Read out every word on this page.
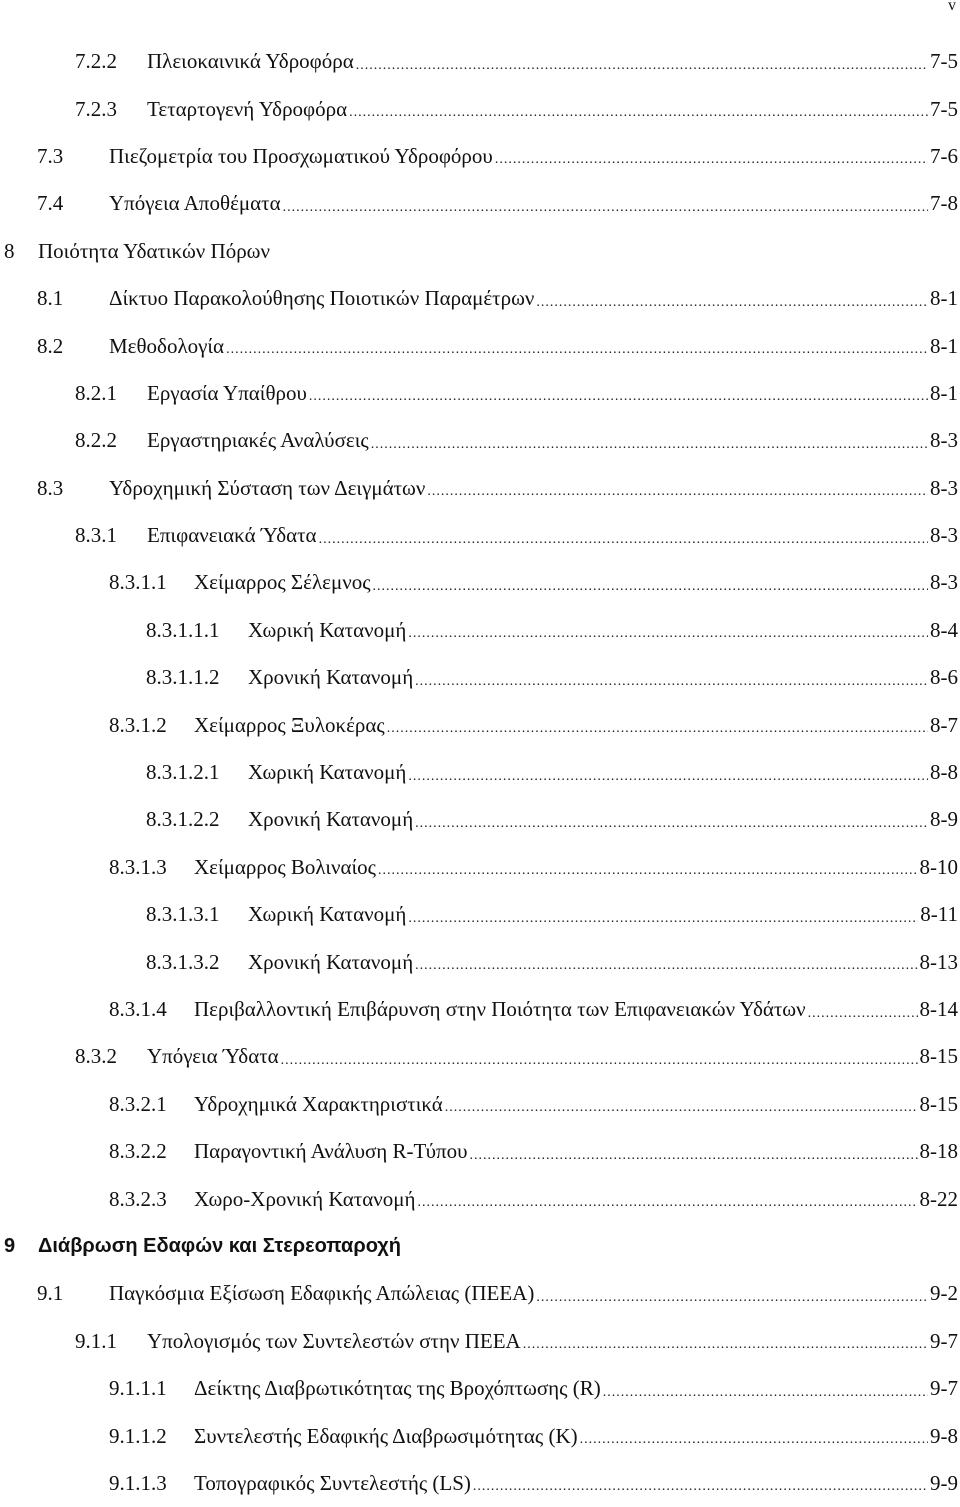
v
7.2.2	Πλειοκαινικά Υδροφόρα .....	7-5
7.2.3	Τεταρτογενή Υδροφόρα .....	7-5
7.3	Πιεζομετρία του Προσχωματικού Υδροφόρου .....	7-6
7.4	Υπόγεια Αποθέματα .....	7-8
8	Ποιότητα Υδατικών Πόρων
8.1	Δίκτυο Παρακολούθησης Ποιοτικών Παραμέτρων .....	8-1
8.2	Μεθοδολογία .....	8-1
8.2.1	Εργασία Υπαίθρου .....	8-1
8.2.2	Εργαστηριακές Αναλύσεις .....	8-3
8.3	Υδροχημική Σύσταση των Δειγμάτων .....	8-3
8.3.1	Επιφανειακά Ύδατα .....	8-3
8.3.1.1	Χείμαρρος Σέλεμνος .....	8-3
8.3.1.1.1	Χωρική Κατανομή .....	8-4
8.3.1.1.2	Χρονική Κατανομή .....	8-6
8.3.1.2	Χείμαρρος Ξυλοκέρας .....	8-7
8.3.1.2.1	Χωρική Κατανομή .....	8-8
8.3.1.2.2	Χρονική Κατανομή .....	8-9
8.3.1.3	Χείμαρρος Βολιναίος .....	8-10
8.3.1.3.1	Χωρική Κατανομή .....	8-11
8.3.1.3.2	Χρονική Κατανομή .....	8-13
8.3.1.4	Περιβαλλοντική Επιβάρυνση στην Ποιότητα των Επιφανειακών Υδάτων .....	8-14
8.3.2	Υπόγεια Ύδατα .....	8-15
8.3.2.1	Υδροχημικά Χαρακτηριστικά .....	8-15
8.3.2.2	Παραγοντική Ανάλυση R-Τύπου .....	8-18
8.3.2.3	Χωρο-Χρονική Κατανομή .....	8-22
9	Διάβρωση Εδαφών και Στερεοπαροχή
9.1	Παγκόσμια Εξίσωση Εδαφικής Απώλειας (ΠΕΕΑ) .....	9-2
9.1.1	Υπολογισμός των Συντελεστών στην ΠΕΕΑ .....	9-7
9.1.1.1	Δείκτης Διαβρωτικότητας της Βροχόπτωσης (R) .....	9-7
9.1.1.2	Συντελεστής Εδαφικής Διαβρωσιμότητας (K) .....	9-8
9.1.1.3	Τοπογραφικός Συντελεστής (LS) .....	9-9
